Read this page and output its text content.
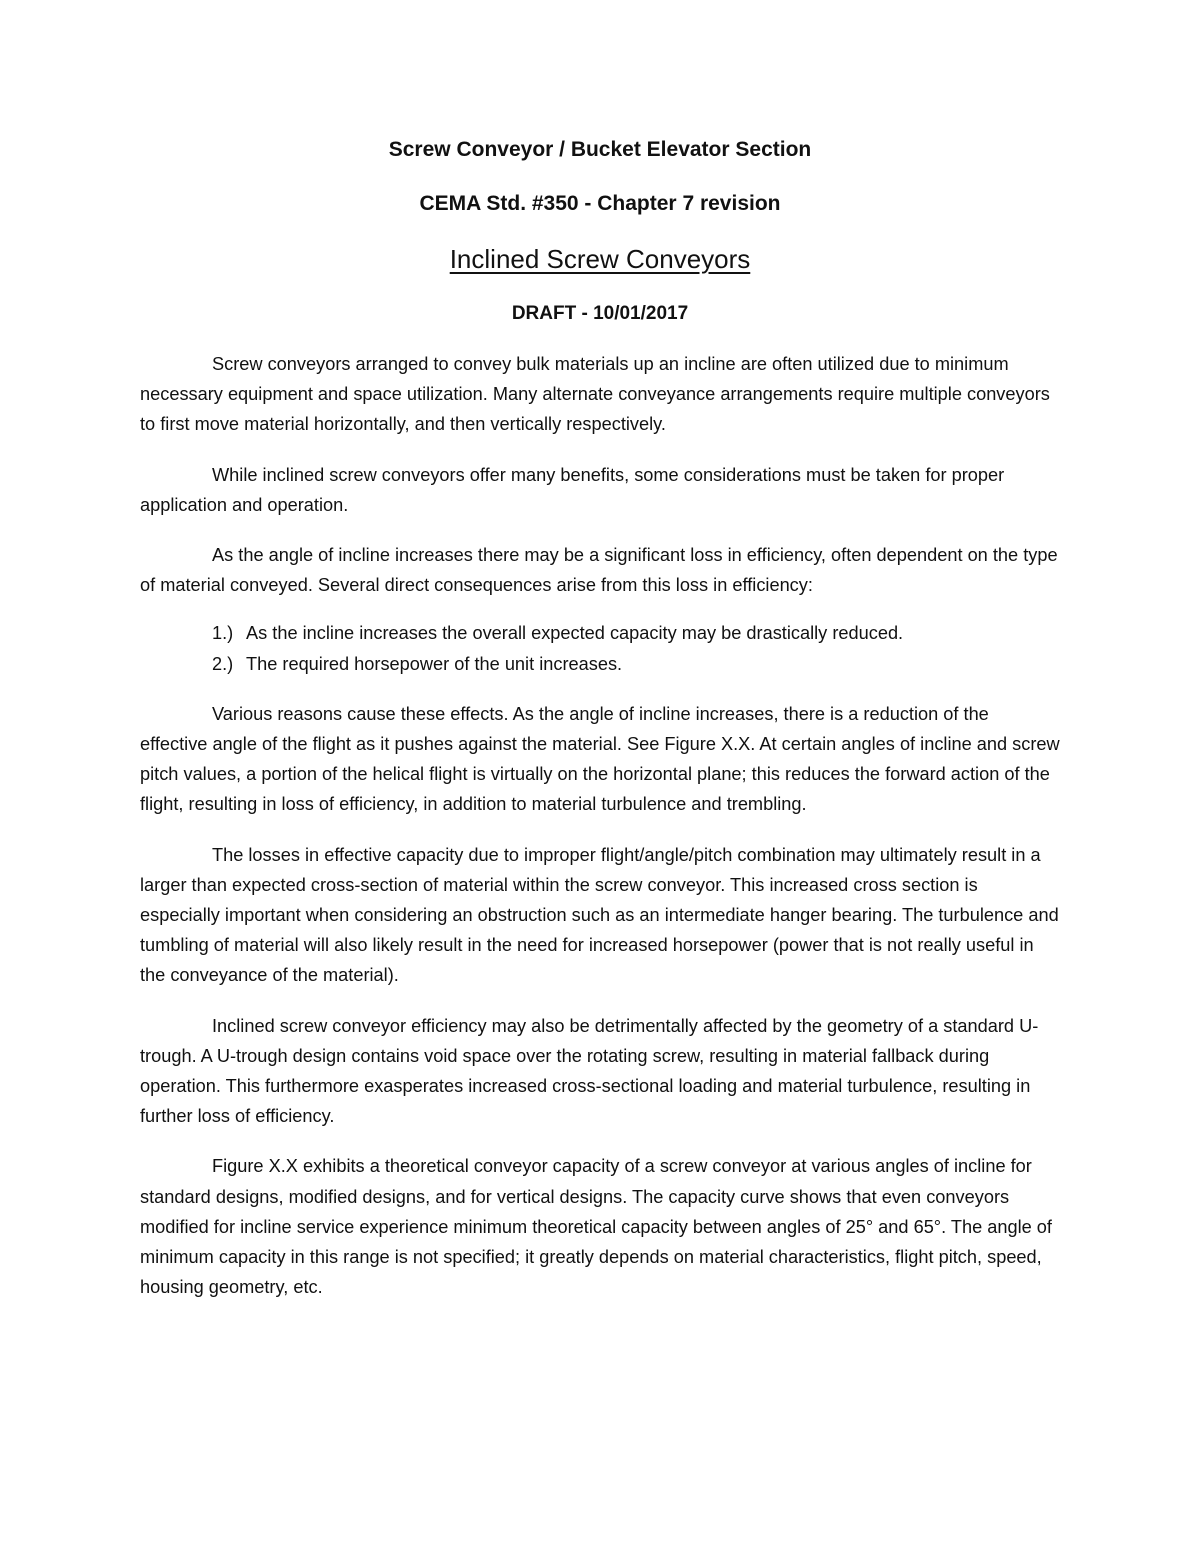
Screw Conveyor / Bucket Elevator Section

CEMA Std. #350 - Chapter 7 revision

Inclined Screw Conveyors

DRAFT - 10/01/2017

Screw conveyors arranged to convey bulk materials up an incline are often utilized due to minimum necessary equipment and space utilization. Many alternate conveyance arrangements require multiple conveyors to first move material horizontally, and then vertically respectively.

While inclined screw conveyors offer many benefits, some considerations must be taken for proper application and operation.

As the angle of incline increases there may be a significant loss in efficiency, often dependent on the type of material conveyed. Several direct consequences arise from this loss in efficiency:

1.) As the incline increases the overall expected capacity may be drastically reduced.
2.) The required horsepower of the unit increases.

Various reasons cause these effects. As the angle of incline increases, there is a reduction of the effective angle of the flight as it pushes against the material. See Figure X.X. At certain angles of incline and screw pitch values, a portion of the helical flight is virtually on the horizontal plane; this reduces the forward action of the flight, resulting in loss of efficiency, in addition to material turbulence and trembling.

The losses in effective capacity due to improper flight/angle/pitch combination may ultimately result in a larger than expected cross-section of material within the screw conveyor. This increased cross section is especially important when considering an obstruction such as an intermediate hanger bearing. The turbulence and tumbling of material will also likely result in the need for increased horsepower (power that is not really useful in the conveyance of the material).

Inclined screw conveyor efficiency may also be detrimentally affected by the geometry of a standard U-trough. A U-trough design contains void space over the rotating screw, resulting in material fallback during operation. This furthermore exasperates increased cross-sectional loading and material turbulence, resulting in further loss of efficiency.

Figure X.X exhibits a theoretical conveyor capacity of a screw conveyor at various angles of incline for standard designs, modified designs, and for vertical designs. The capacity curve shows that even conveyors modified for incline service experience minimum theoretical capacity between angles of 25° and 65°. The angle of minimum capacity in this range is not specified; it greatly depends on material characteristics, flight pitch, speed, housing geometry, etc.
